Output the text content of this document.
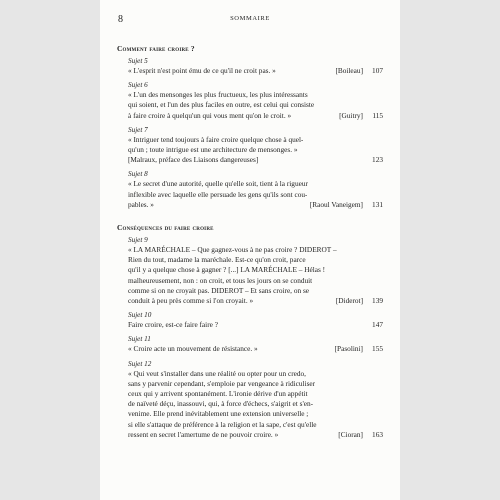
8	SOMMAIRE
Comment faire croire ?
Sujet 5
« L'esprit n'est point ému de ce qu'il ne croit pas. »	[Boileau]	107
Sujet 6
« L'un des mensonges les plus fructueux, les plus intéressants
qui soient, et l'un des plus faciles en outre, est celui qui consiste
à faire croire à quelqu'un qui vous ment qu'on le croit. »	[Guitry]	115
Sujet 7
« Intriguer tend toujours à faire croire quelque chose à quel-
qu'un ; toute intrigue est une architecture de mensonges. »
[Malraux, préface des Liaisons dangereuses]	123
Sujet 8
« Le secret d'une autorité, quelle qu'elle soit, tient à la rigueur
inflexible avec laquelle elle persuade les gens qu'ils sont cou-
pables. »	[Raoul Vaneigem]	131
Conséquences du faire croire
Sujet 9
« LA MARÉCHALE – Que gagnez-vous à ne pas croire ? DIDEROT –
Rien du tout, madame la maréchale. Est-ce qu'on croit, parce
qu'il y a quelque chose à gagner ? [...] LA MARÉCHALE – Hélas !
malheureusement, non : on croit, et tous les jours on se conduit
comme si on ne croyait pas. DIDEROT – Et sans croire, on se
conduit à peu près comme si l'on croyait. »	[Diderot]	139
Sujet 10
Faire croire, est-ce faire faire ?	147
Sujet 11
« Croire acte un mouvement de résistance. »	[Pasolini]	155
Sujet 12
« Qui veut s'installer dans une réalité ou opter pour un credo,
sans y parvenir cependant, s'emploie par vengeance à ridiculiser
ceux qui y arrivent spontanément. L'ironie dérive d'un appétit
de naïveté déçu, inassouvi, qui, à force d'échecs, s'aigrit et s'en-
venime. Elle prend inévitablement une extension universelle ;
si elle s'attaque de préférence à la religion et la sape, c'est qu'elle
ressent en secret l'amertume de ne pouvoir croire. »	[Cioran]	163
